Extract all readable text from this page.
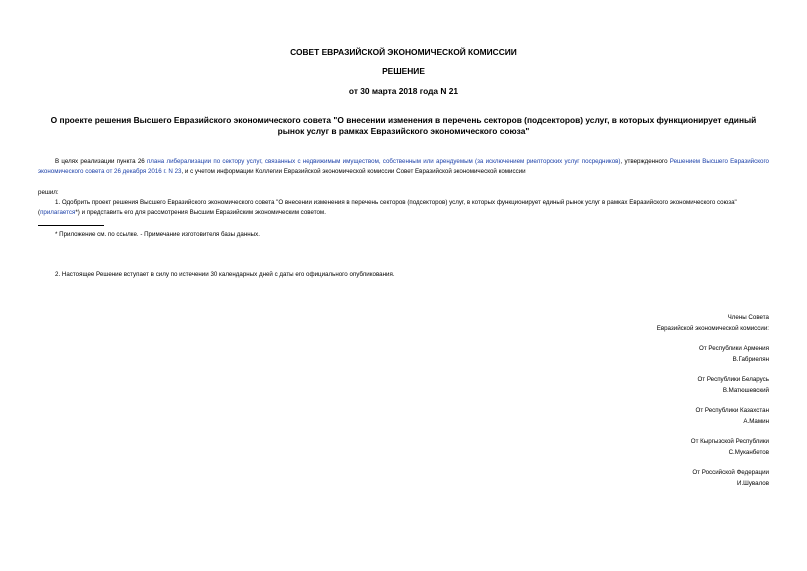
СОВЕТ ЕВРАЗИЙСКОЙ ЭКОНОМИЧЕСКОЙ КОМИССИИ
РЕШЕНИЕ
от 30 марта 2018 года N 21
О проекте решения Высшего Евразийского экономического совета "О внесении изменения в перечень секторов (подсекторов) услуг, в которых функционирует единый рынок услуг в рамках Евразийского экономического союза"
В целях реализации пункта 26 плана либерализации по сектору услуг, связанных с недвижимым имуществом, собственным или арендуемым (за исключением риелторских услуг посредников), утвержденного Решением Высшего Евразийского экономического совета от 26 декабря 2016 г. N 23, и с учетом информации Коллегии Евразийской экономической комиссии Совет Евразийской экономической комиссии
решил:
1. Одобрить проект решения Высшего Евразийского экономического совета "О внесении изменения в перечень секторов (подсекторов) услуг, в которых функционирует единый рынок услуг в рамках Евразийского экономического союза" (прилагается*) и представить его для рассмотрения Высшим Евразийским экономическим советом.
* Приложение см. по ссылке. - Примечание изготовителя базы данных.
2. Настоящее Решение вступает в силу по истечении 30 календарных дней с даты его официального опубликования.
Члены Совета
Евразийской экономической комиссии:
От Республики Армения
В.Габриелян
От Республики Беларусь
В.Матюшевский
От Республики Казахстан
А.Мамин
От Кыргызской Республики
С.Муканбетов
От Российской Федерации
И.Шувалов
